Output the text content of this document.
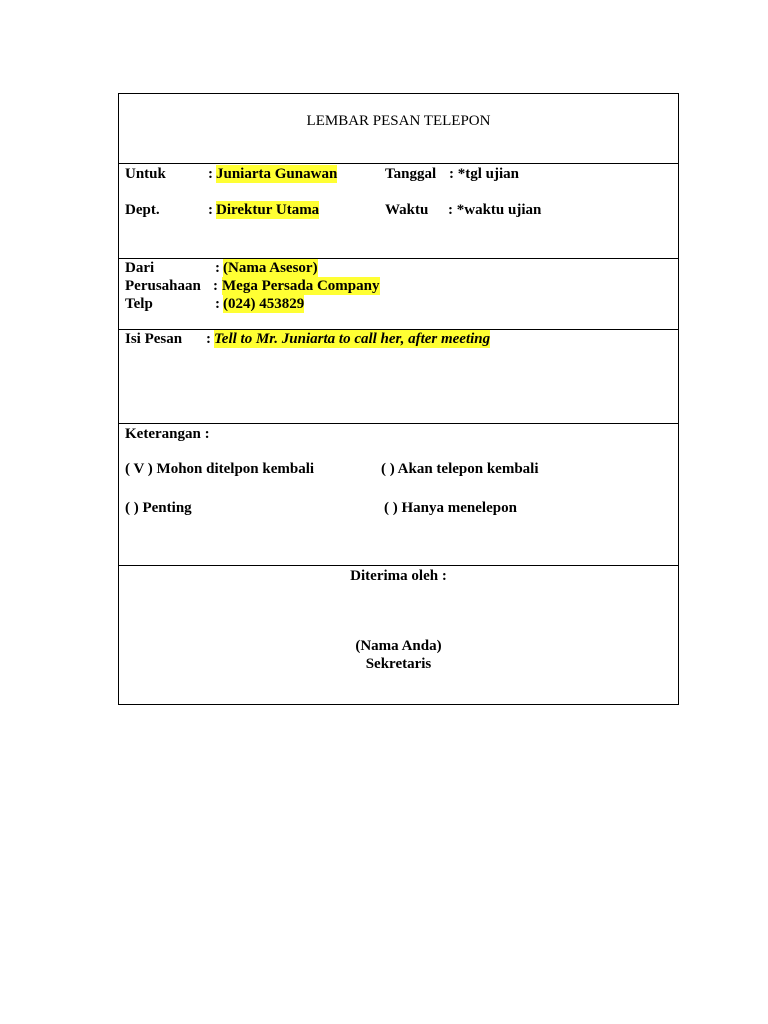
LEMBAR PESAN TELEPON
Untuk	: Juniarta Gunawan	Tanggal : *tgl ujian
Dept.	: Direktur Utama	Waktu : *waktu ujian
Dari	: (Nama Asesor)
Perusahaan : Mega Persada Company
Telp	: (024) 453829
Isi Pesan : Tell to Mr. Juniarta to call her, after meeting
Keterangan :
( V ) Mohon ditelpon kembali	( ) Akan telepon kembali
( ) Penting	( ) Hanya menelepon
Diterima oleh :
(Nama Anda)
Sekretaris
